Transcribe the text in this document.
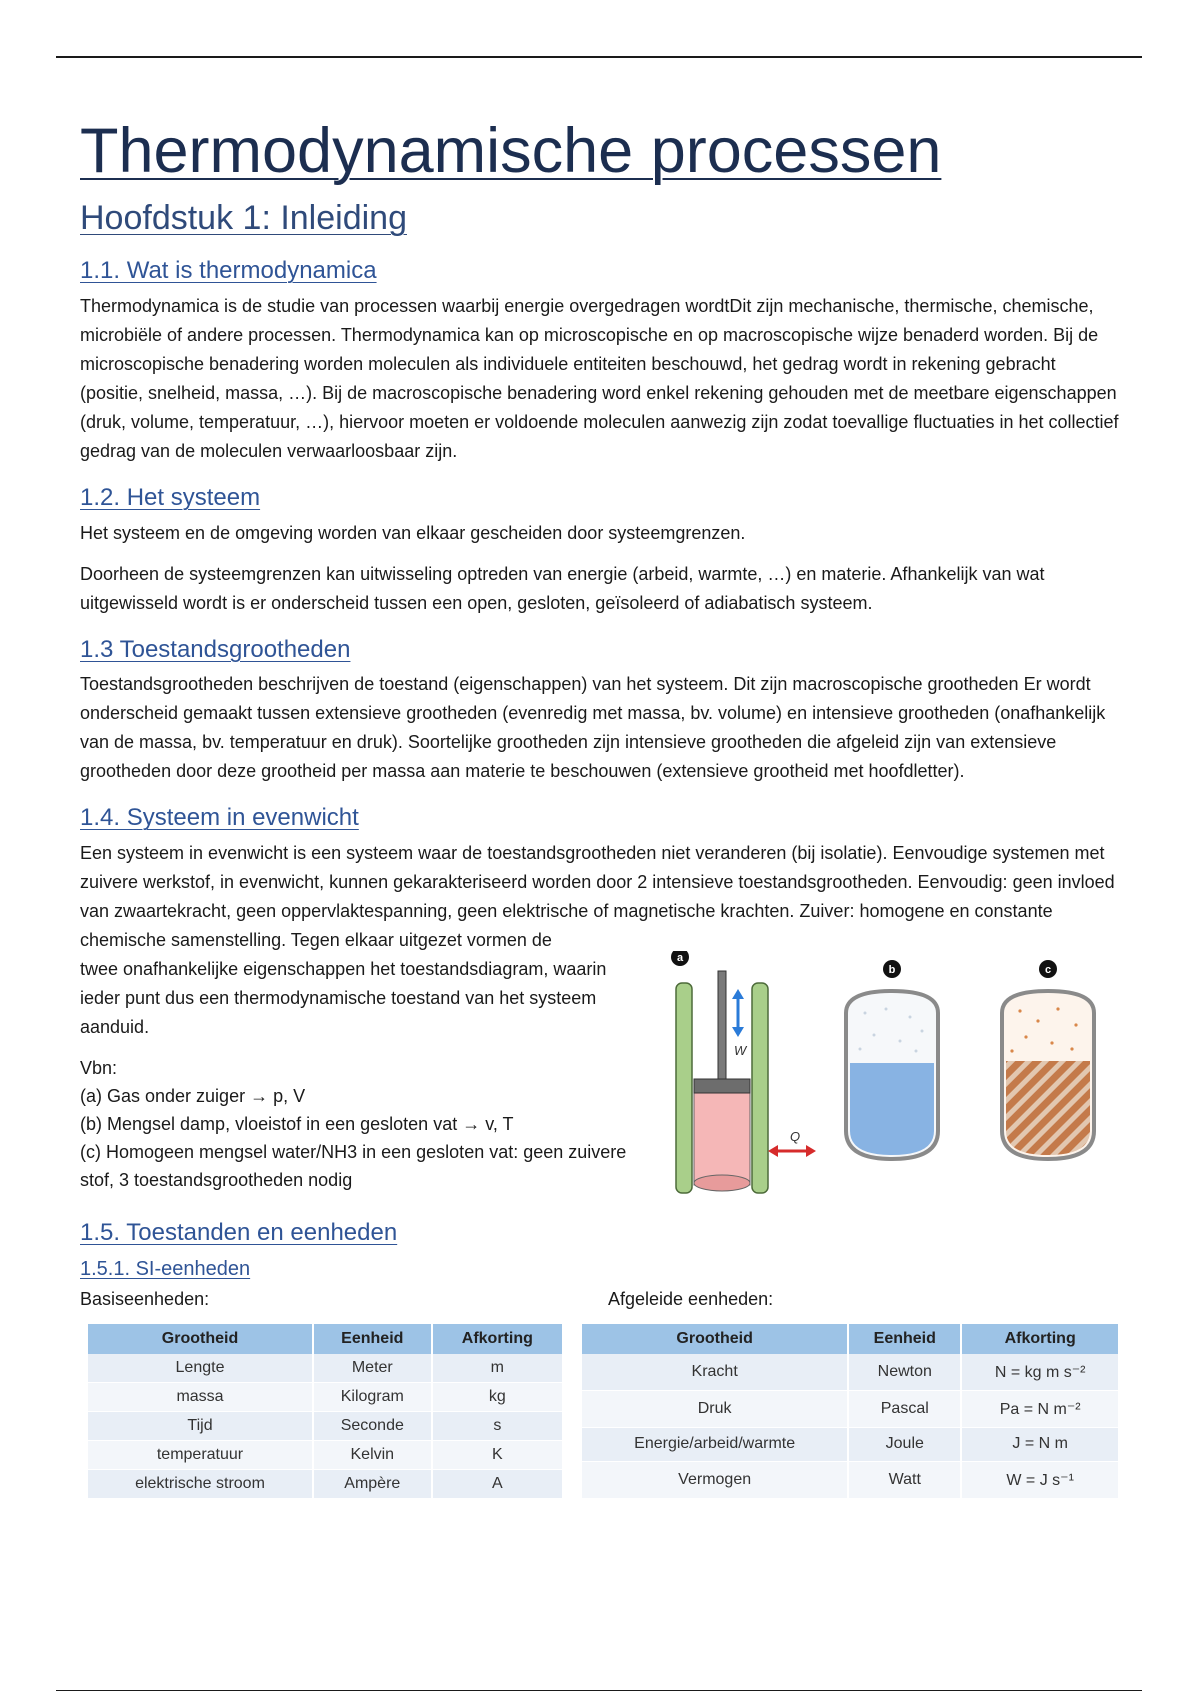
Thermodynamische processen
Hoofdstuk 1: Inleiding
1.1. Wat is thermodynamica

Thermodynamica is de studie van processen waarbij energie overgedragen wordtDit zijn mechanische, thermische, chemische, microbiële of andere processen. Thermodynamica kan op microscopische en op macroscopische wijze benaderd worden. Bij de microscopische benadering worden moleculen als individuele entiteiten beschouwd, het gedrag wordt in rekening gebracht (positie, snelheid, massa, …). Bij de macroscopische benadering word enkel rekening gehouden met de meetbare eigenschappen (druk, volume, temperatuur, …), hiervoor moeten er voldoende moleculen aanwezig zijn zodat toevallige fluctuaties in het collectief gedrag van de moleculen verwaarloosbaar zijn.

1.2. Het systeem

Het systeem en de omgeving worden van elkaar gescheiden door systeemgrenzen.

Doorheen de systeemgrenzen kan uitwisseling optreden van energie (arbeid, warmte, …) en materie. Afhankelijk van wat uitgewisseld wordt is er onderscheid tussen een open, gesloten, geïsoleerd of adiabatisch systeem.

1.3 Toestandsgrootheden

Toestandsgrootheden beschrijven de toestand (eigenschappen) van het systeem. Dit zijn macroscopische grootheden Er wordt onderscheid gemaakt tussen extensieve grootheden (evenredig met massa, bv. volume) en intensieve grootheden (onafhankelijk van de massa, bv. temperatuur en druk). Soortelijke grootheden zijn intensieve grootheden die afgeleid zijn van extensieve grootheden door deze grootheid per massa aan materie te beschouwen (extensieve grootheid met hoofdletter).

1.4. Systeem in evenwicht

Een systeem in evenwicht is een systeem waar de toestandsgrootheden niet veranderen (bij isolatie). Eenvoudige systemen met zuivere werkstof, in evenwicht, kunnen gekarakteriseerd worden door 2 intensieve toestandsgrootheden. Eenvoudig: geen invloed van zwaartekracht, geen oppervlaktespanning, geen elektrische of magnetische krachten. Zuiver: homogene en constante chemische samenstelling. Tegen elkaar uitgezet vormen de

twee onafhankelijke eigenschappen het toestandsdiagram, waarin ieder punt dus een thermodynamische toestand van het systeem aanduid.

Vbn:

(a) Gas onder zuiger → p, V

(b) Mengsel damp, vloeistof in een gesloten vat → v, T

(c) Homogeen mengsel water/NH3 in een gesloten vat: geen zuivere stof, 3 toestandsgrootheden nodig

a
W
Q
b	c
1.5. Toestanden en eenheden
1.5.1. SI-eenheden

Basiseenheden:	Afgeleide eenheden:

Grootheid	Eenheid	Afkorting
Lengte	Meter	m
massa	Kilogram	kg
Tijd	Seconde	s
temperatuur	Kelvin	K
elektrische stroom	Ampère	A
Grootheid	Eenheid	Afkorting
Kracht	Newton	N = kg m s⁻²
Druk	Pascal	Pa = N m⁻²
Energie/arbeid/warmte	Joule	J = N m
Vermogen	Watt	W = J s⁻¹
